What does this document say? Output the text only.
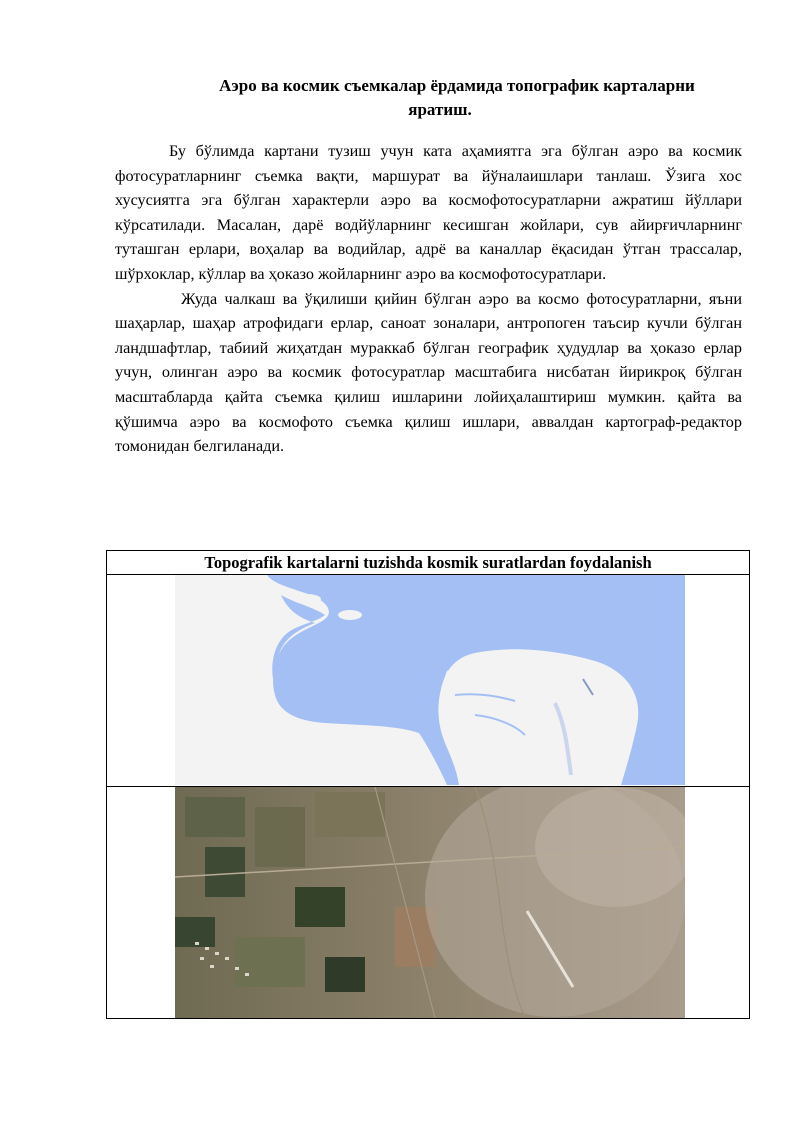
Аэро ва космик съемкалар ёрдамида топографик карталарни
яратиш.

Бу бўлимда картани тузиш учун ката аҳамиятга эга бўлган аэро ва космик фотосуратларнинг съемка вақти, маршурат ва йўналаишлари танлаш. Ўзига хос хусусиятга эга бўлган характерли аэро ва космофотосуратларни ажратиш йўллари кўрсатилади. Масалан, дарё водйўларнинг кесишган жойлари, сув айирғичларнинг туташган ерлари, воҳалар ва водийлар, адрё ва каналлар ёқасидан ўтган трассалар, шўрхоклар, кўллар ва ҳоказо жойларнинг аэро ва космофотосуратлари.

Жуда чалкаш ва ўқилиши қийин бўлган аэро ва космо фотосуратларни, яъни шаҳарлар, шаҳар атрофидаги ерлар, саноат зоналари, антропоген таъсир кучли бўлган ландшафтлар, табиий жиҳатдан мураккаб бўлган географик ҳудудлар ва ҳоказо ерлар учун, олинган аэро ва космик фотосуратлар масштабига нисбатан йирикроқ бўлган масштабларда қайта съемка қилиш ишларини лойиҳалаштириш мумкин. қайта ва қўшимча аэро ва космофото съемка қилиш ишлари, аввалдан картограф-редактор томонидан белгиланади.

Topografik kartalarni tuzishda kosmik suratlardan foydalanish
